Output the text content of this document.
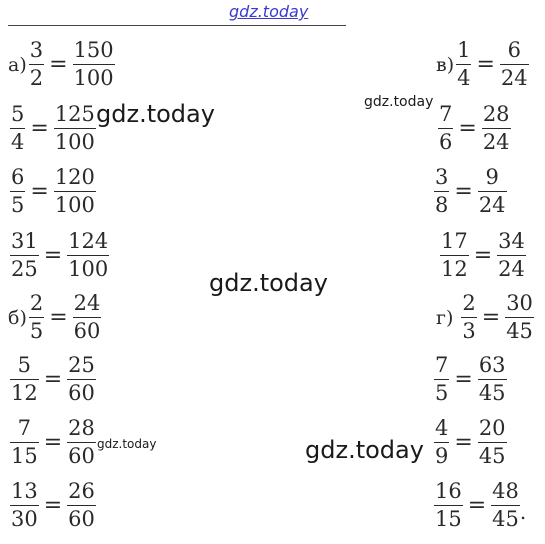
$а) \frac{3}{2} = \frac{150}{100}$
$\frac{5}{4} = \frac{125}{100}$
$\frac{6}{5} = \frac{120}{100}$
$\frac{31}{25} = \frac{124}{100}$
$б) \frac{2}{5} = \frac{24}{60}$
$\frac{5}{12} = \frac{25}{60}$
$\frac{7}{15} = \frac{28}{60}$
$\frac{13}{30} = \frac{26}{60}$
$в) \frac{1}{4} = \frac{6}{24}$
$\frac{7}{6} = \frac{28}{24}$
$\frac{3}{8} = \frac{9}{24}$
$\frac{17}{12} = \frac{34}{24}$
$г) \frac{2}{3} = \frac{30}{45}$
$\frac{7}{5} = \frac{63}{45}$
$\frac{4}{9} = \frac{20}{45}$
$\frac{16}{15} = \frac{48}{45}$ .
gdz.today
gdz.today	gdz.today
gdz.today
gdz.today	gdz.today
